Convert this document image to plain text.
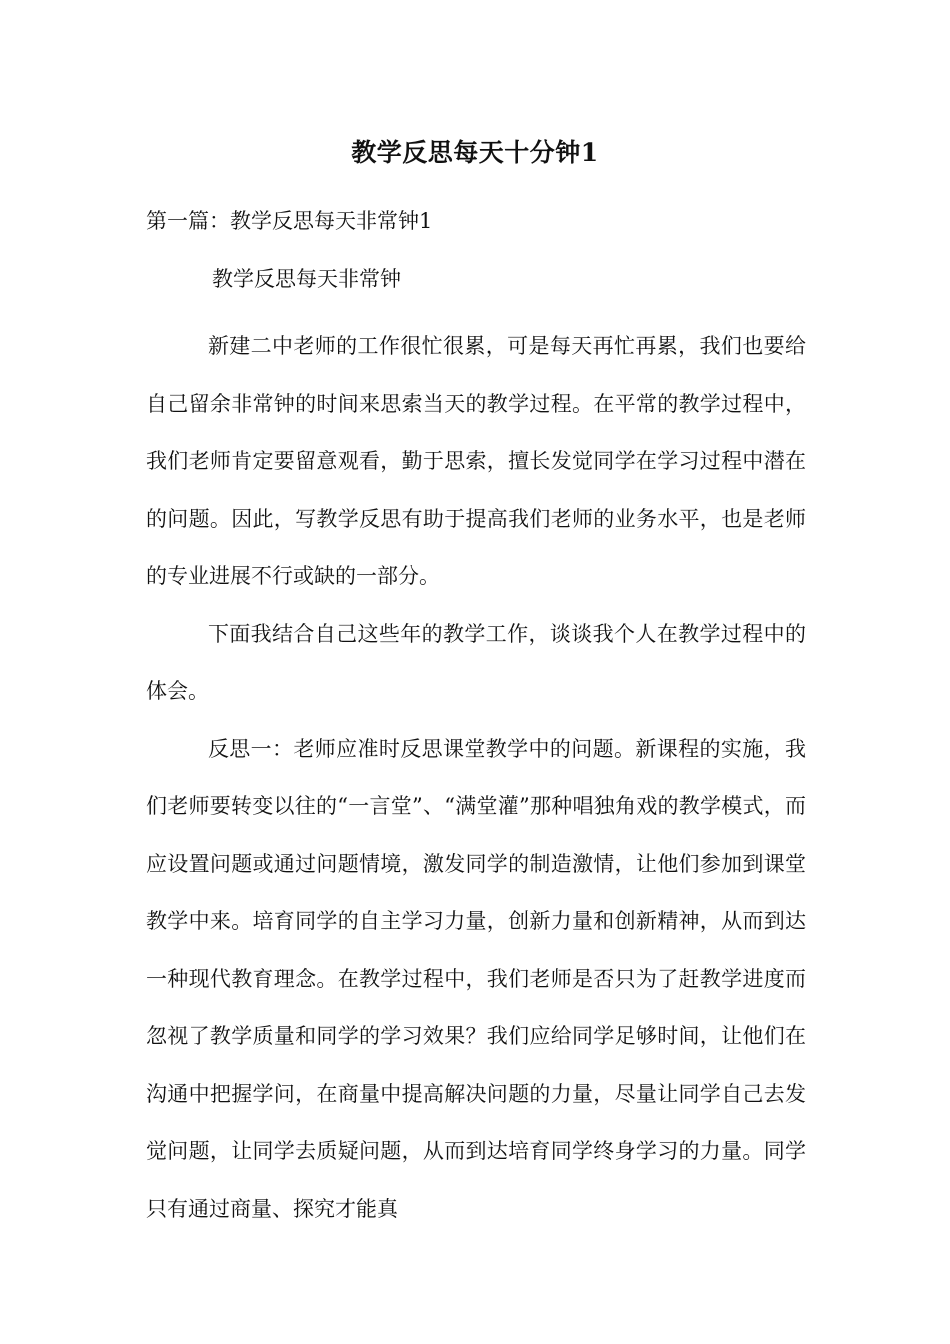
教学反思每天十分钟1
第一篇：教学反思每天非常钟1
教学反思每天非常钟

新建二中老师的工作很忙很累，可是每天再忙再累，我们也要给自己留余非常钟的时间来思索当天的教学过程。在平常的教学过程中，我们老师肯定要留意观看，勤于思索，擅长发觉同学在学习过程中潜在的问题。因此，写教学反思有助于提高我们老师的业务水平，也是老师的专业进展不行或缺的一部分。

下面我结合自己这些年的教学工作，谈谈我个人在教学过程中的体会。

反思一：老师应准时反思课堂教学中的问题。新课程的实施，我们老师要转变以往的“一言堂”、“满堂灌”那种唱独角戏的教学模式，而应设置问题或通过问题情境，激发同学的制造激情，让他们参加到课堂教学中来。培育同学的自主学习力量，创新力量和创新精神，从而到达一种现代教育理念。在教学过程中，我们老师是否只为了赶教学进度而忽视了教学质量和同学的学习效果？我们应给同学足够时间，让他们在沟通中把握学问，在商量中提高解决问题的力量，尽量让同学自己去发觉问题，让同学去质疑问题，从而到达培育同学终身学习的力量。同学只有通过商量、探究才能真
